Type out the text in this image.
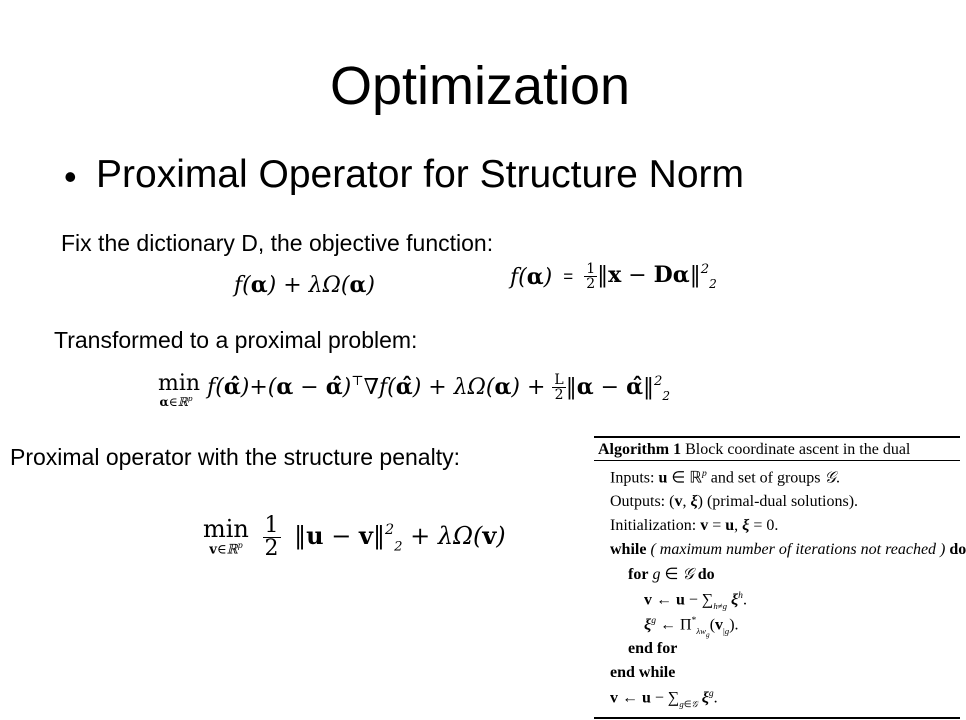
Optimization
• Proximal Operator for Structure Norm
Fix the dictionary D, the objective function:
f(α) + λΩ(α)	$f(\alpha) = \frac{1}{2}$ ‖x − Dα‖$^2_2$
Transformed to a proximal problem:
min
α∈ℝ$^p$ f(α̂)+(α − α̂)⊤∇f(α̂) + $\lambda\Omega(\alpha) + \frac{L}{2}$ ‖α − α̂‖$^2_2$
Proximal operator with the structure penalty:
min
v∈ℝ$^p$
$\frac{1}{2}$ ‖u − v‖$^2_2$ + λΩ(v)
Algorithm 1 Block coordinate ascent in the dual
Inputs: u ∈ ℝ$^p$ and set of groups 𝒢.
Outputs: (v, ξ) (primal-dual solutions).
Initialization: v = u, ξ = 0.
while ( maximum number of iterations not reached ) do
for g ∈ 𝒢 do
v ← $u - \sum_{h\ne g}$ $\xi^h$.
$\xi^g$ ← $\Pi^*_{\lambda w_g}(v_{|g})$.
end for
end while
v ← $u - \sum_{g\in 𝒢}$ $\xi^g$.
